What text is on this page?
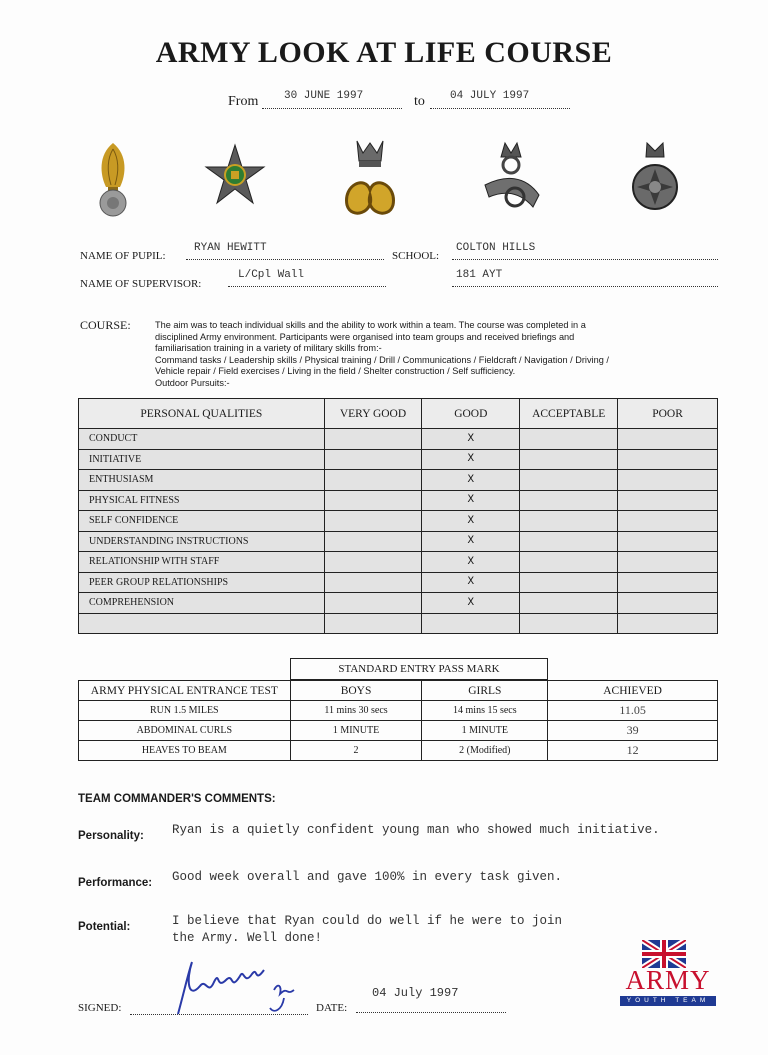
ARMY LOOK AT LIFE COURSE
From 30 JUNE 1997	to 04 JULY 1997
NAME OF PUPIL:
RYAN HEWITT
SCHOOL:
COLTON HILLS
NAME OF SUPERVISOR:
L/Cpl Wall	181 AYT
COURSE:	The aim was to teach individual skills and the ability to work within a team. The course was completed in a
disciplined Army environment. Participants were organised into team groups and received briefings and
familiarisation training in a variety of military skills from:-
Command tasks / Leadership skills / Physical training / Drill / Communications / Fieldcraft / Navigation / Driving /
Vehicle repair / Field exercises / Living in the field / Shelter construction / Self sufficiency.
Outdoor Pursuits:-
PERSONAL QUALITIES	VERY GOOD	GOOD	ACCEPTABLE	POOR
CONDUCT		X		
INITIATIVE		X		
ENTHUSIASM		X		
PHYSICAL FITNESS		X		
SELF CONFIDENCE		X		
UNDERSTANDING INSTRUCTIONS		X		
RELATIONSHIP WITH STAFF		X		
PEER GROUP RELATIONSHIPS		X		
COMPREHENSION		X		

STANDARD ENTRY PASS MARK
ARMY PHYSICAL ENTRANCE TEST	BOYS	GIRLS	ACHIEVED
RUN 1.5 MILES	11 mins 30 secs	14 mins 15 secs	11.05
ABDOMINAL CURLS	1 MINUTE	1 MINUTE	39
HEAVES TO BEAM	2	2 (Modified)	12
TEAM COMMANDER'S COMMENTS:
Personality: Ryan is a quietly confident young man who showed much initiative.
Performance: Good week overall and gave 100% in every task given.
Potential:	I believe that Ryan could do well if he were to join
the Army. Well done!
SIGNED:	DATE:
04 July 1997	ARMY
YOUTH TEAM
